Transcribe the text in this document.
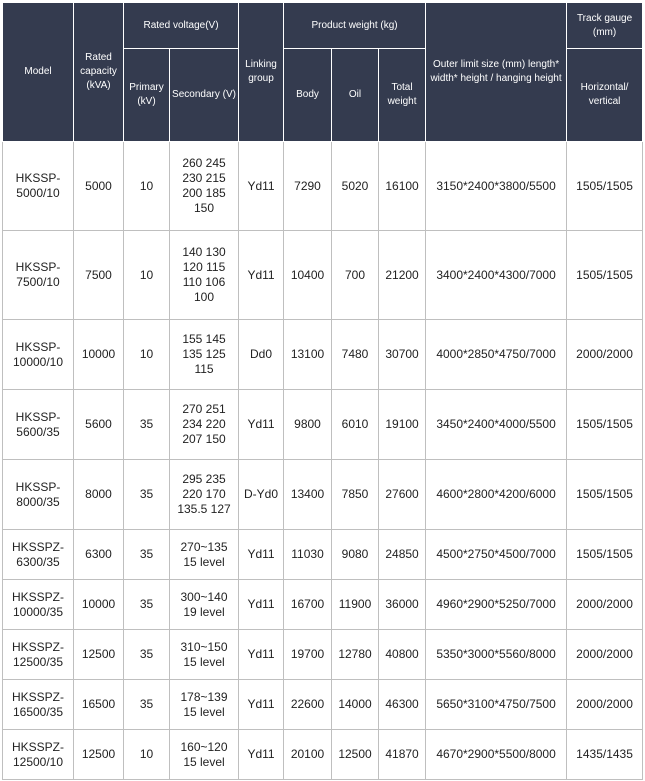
Model	Rated capacity (kVA)	Rated voltage(V)		Linking group	Product weight (kg)			Outer limit size (mm) length* width* height / hanging height	Track gauge (mm)
		Primary (kV)	Secondary (V)		Body	Oil	Total weight		Horizontal/ vertical

HKSSP-
5000/10	5000	10	260 245
230 215
200 185
150	Yd11	7290	5020	16100	3150*2400*3800/5500	1505/1505

HKSSP-
7500/10	7500	10	140 130
120 115
110 106
100	Yd11	10400	700	21200	3400*2400*4300/7000	1505/1505

HKSSP-
10000/10	10000	10	155 145
135 125
115	Dd0	13100	7480	30700	4000*2850*4750/7000	2000/2000

HKSSP-
5600/35	5600	35	270 251
234 220
207 150	Yd11	9800	6010	19100	3450*2400*4000/5500	1505/1505

HKSSP-
8000/35	8000	35	295 235
220 170
135.5 127	D-Yd0	13400	7850	27600	4600*2800*4200/6000	1505/1505

HKSSPZ-
6300/35	6300	35	270~135
15 level	Yd11	11030	9080	24850	4500*2750*4500/7000	1505/1505

HKSSPZ-
10000/35	10000	35	300~140
19 level	Yd11	16700	11900	36000	4960*2900*5250/7000	2000/2000

HKSSPZ-
12500/35	12500	35	310~150
15 level	Yd11	19700	12780	40800	5350*3000*5560/8000	2000/2000

HKSSPZ-
16500/35	16500	35	178~139
15 level	Yd11	22600	14000	46300	5650*3100*4750/7500	2000/2000

HKSSPZ-
12500/10	12500	10	160~120
15 level	Yd11	20100	12500	41870	4670*2900*5500/8000	1435/1435
